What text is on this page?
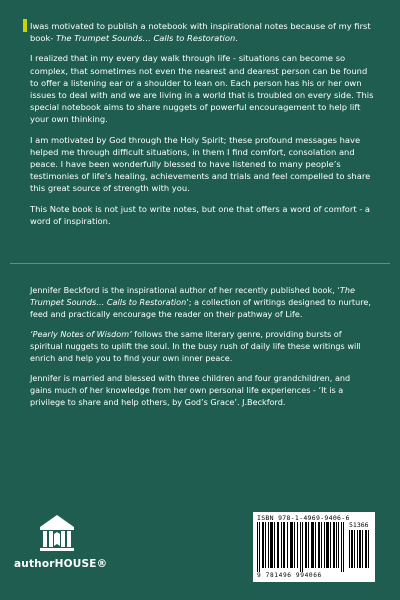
Iwas motivated to publish a notebook with inspirational notes because of my first book- The Trumpet Sounds… Calls to Restoration.

I realized that in my every day walk through life - situations can become so complex, that sometimes not even the nearest and dearest person can be found to offer a listening ear or a shoulder to lean on. Each person has his or her own issues to deal with and we are living in a world that is troubled on every side. This special notebook aims to share nuggets of powerful encouragement to help lift your own thinking.

I am motivated by God through the Holy Spirit; these profound messages have helped me through difficult situations, in them I find comfort, consolation and peace. I have been wonderfully blessed to have listened to many people’s testimonies of life’s healing, achievements and trials and feel compelled to share this great source of strength with you.

This Note book is not just to write notes, but one that offers a word of comfort - a word of inspiration.

Jennifer Beckford is the inspirational author of her recently published book, ‘The Trumpet Sounds… Calls to Restoration’; a collection of writings designed to nurture, feed and practically encourage the reader on their pathway of Life.

‘Pearly Notes of Wisdom’ follows the same literary genre, providing bursts of spiritual nuggets to uplift the soul. In the busy rush of daily life these writings will enrich and help you to find your own inner peace.

Jennifer is married and blessed with three children and four grandchildren, and gains much of her knowledge from her own personal life experiences - ‘It is a privilege to share and help others, by God’s Grace’. J.Beckford.

authorHOUSE®
ISBN 978-1-4969-9406-6
51366
9 781496 994066
